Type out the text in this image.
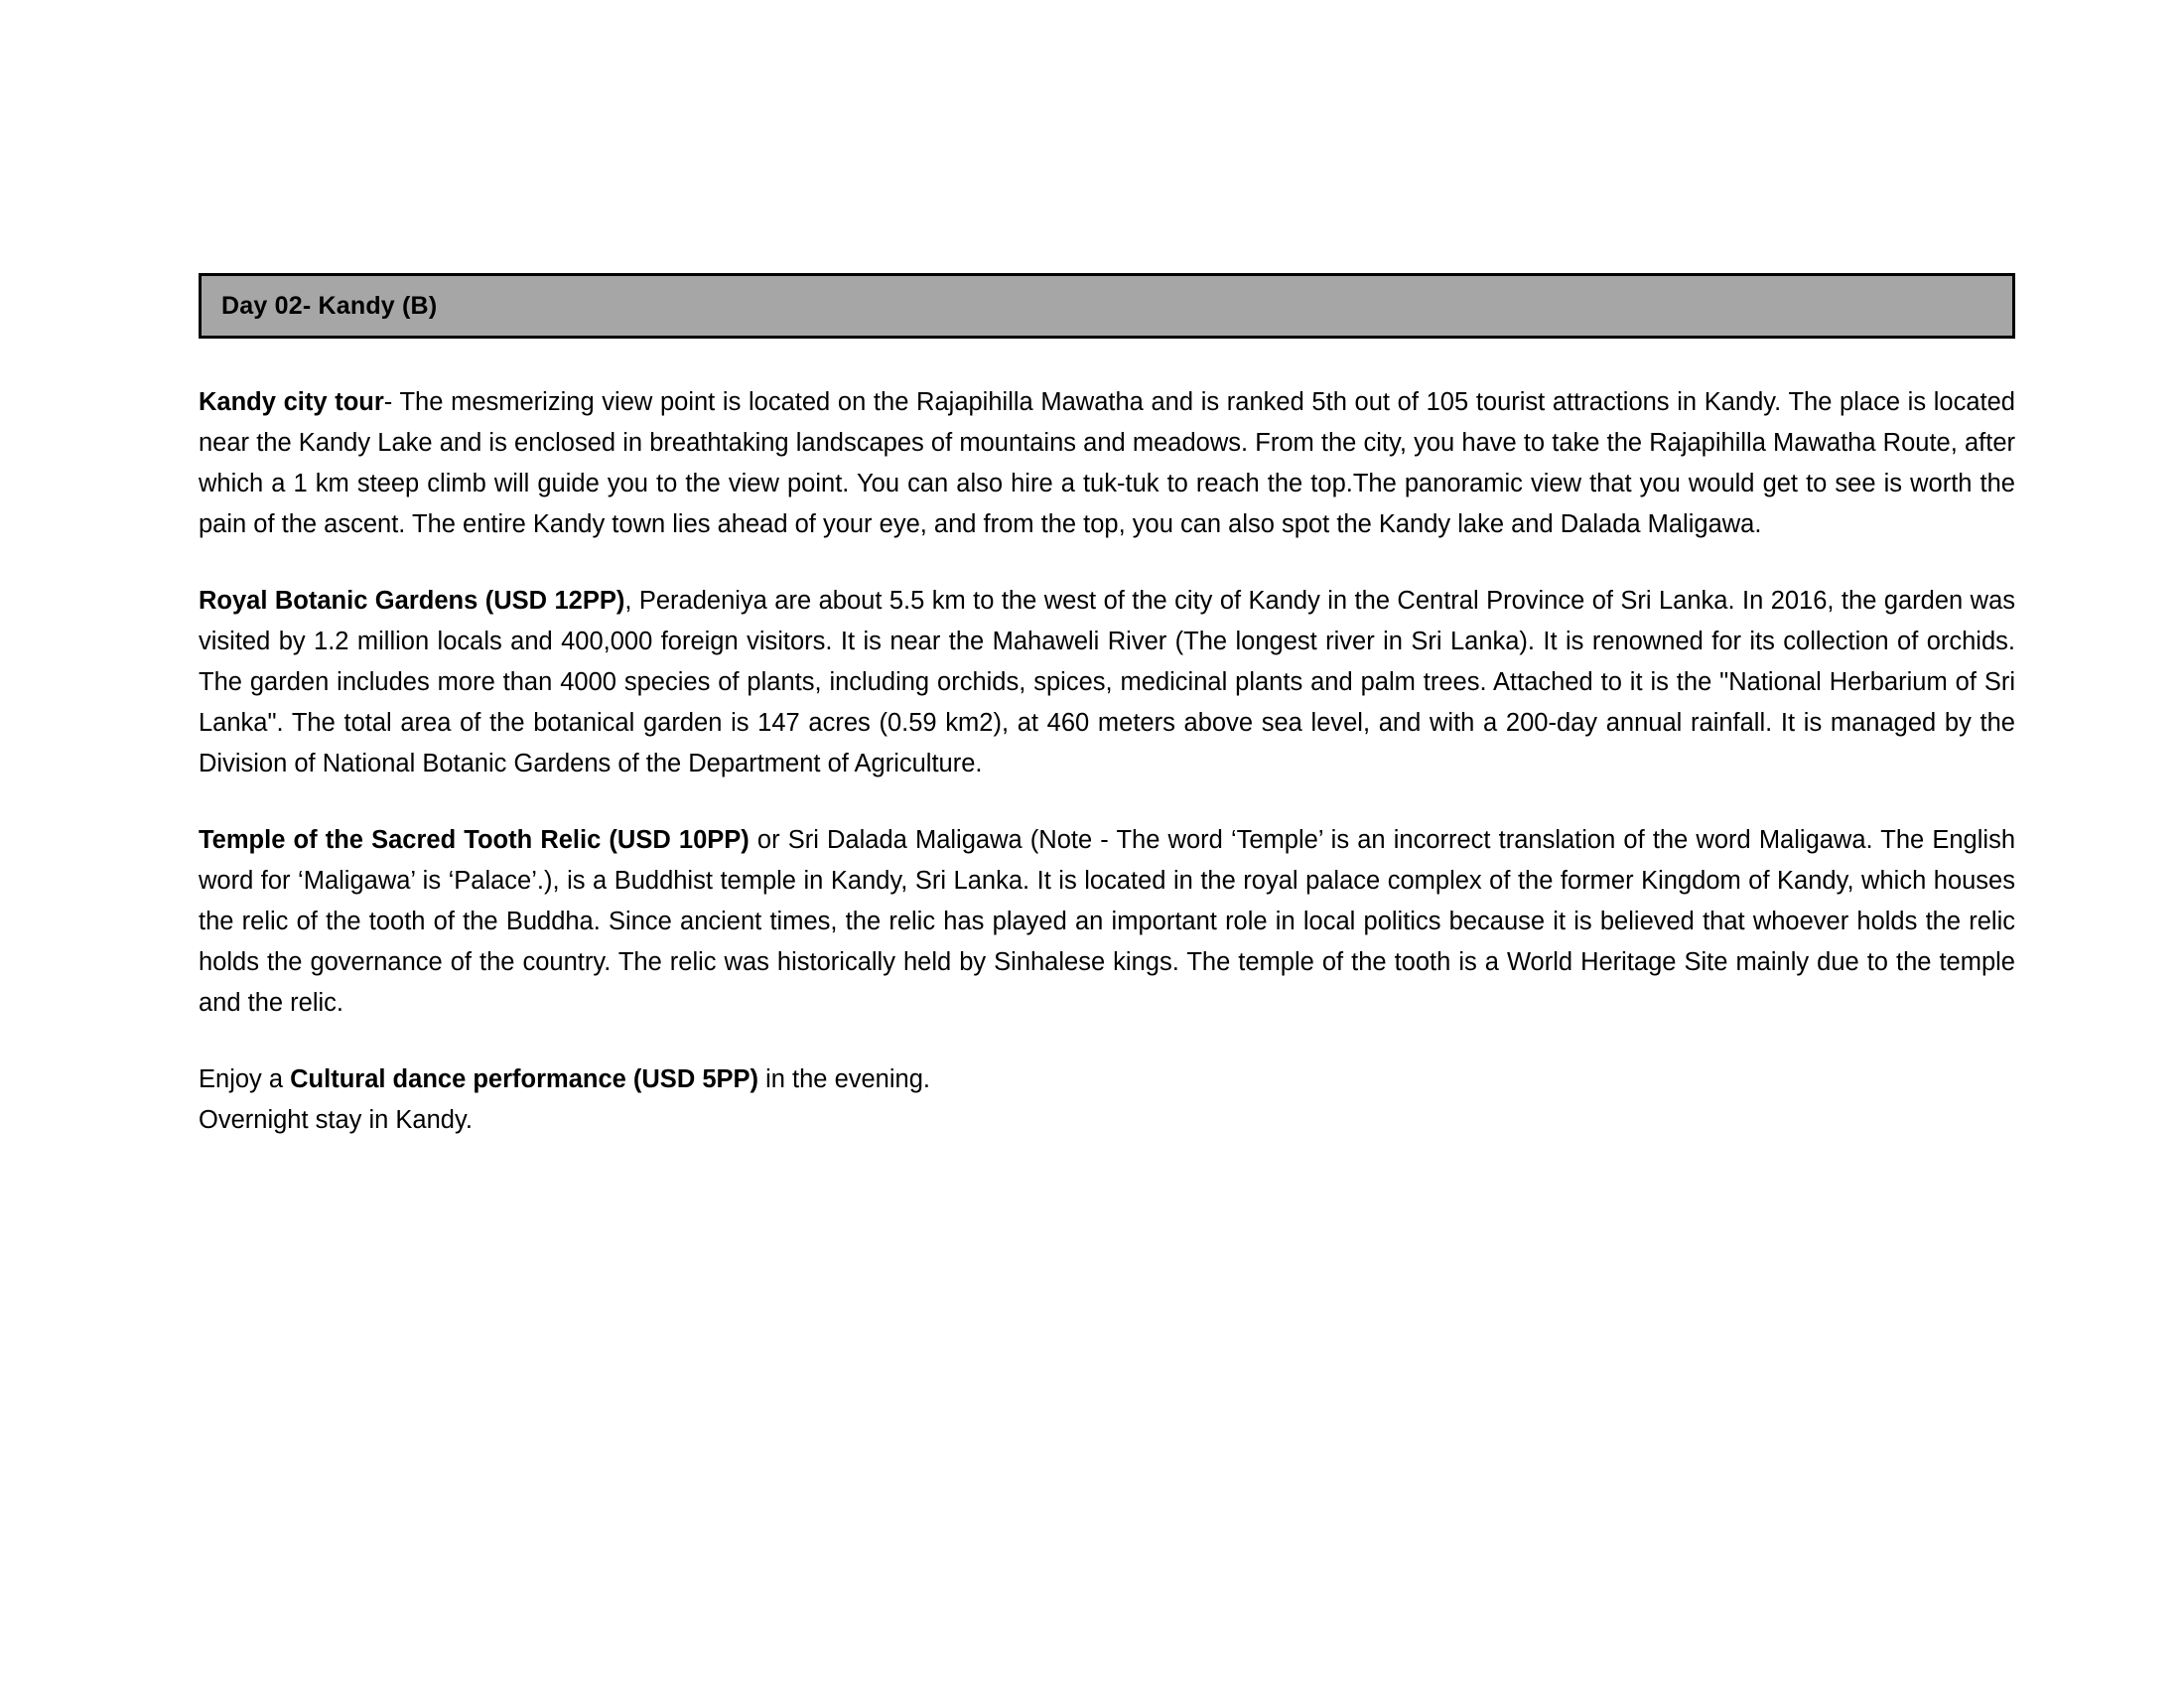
Day 02- Kandy (B)

Kandy city tour- The mesmerizing view point is located on the Rajapihilla Mawatha and is ranked 5th out of 105 tourist attractions in Kandy. The place is located near the Kandy Lake and is enclosed in breathtaking landscapes of mountains and meadows. From the city, you have to take the Rajapihilla Mawatha Route, after which a 1 km steep climb will guide you to the view point. You can also hire a tuk-tuk to reach the top.The panoramic view that you would get to see is worth the pain of the ascent. The entire Kandy town lies ahead of your eye, and from the top, you can also spot the Kandy lake and Dalada Maligawa.

Royal Botanic Gardens (USD 12PP), Peradeniya are about 5.5 km to the west of the city of Kandy in the Central Province of Sri Lanka. In 2016, the garden was visited by 1.2 million locals and 400,000 foreign visitors. It is near the Mahaweli River (The longest river in Sri Lanka). It is renowned for its collection of orchids. The garden includes more than 4000 species of plants, including orchids, spices, medicinal plants and palm trees. Attached to it is the "National Herbarium of Sri Lanka". The total area of the botanical garden is 147 acres (0.59 km2), at 460 meters above sea level, and with a 200-day annual rainfall. It is managed by the Division of National Botanic Gardens of the Department of Agriculture.

Temple of the Sacred Tooth Relic (USD 10PP) or Sri Dalada Maligawa (Note - The word ‘Temple’ is an incorrect translation of the word Maligawa. The English word for ‘Maligawa’ is ‘Palace’.), is a Buddhist temple in Kandy, Sri Lanka. It is located in the royal palace complex of the former Kingdom of Kandy, which houses the relic of the tooth of the Buddha. Since ancient times, the relic has played an important role in local politics because it is believed that whoever holds the relic holds the governance of the country. The relic was historically held by Sinhalese kings. The temple of the tooth is a World Heritage Site mainly due to the temple and the relic.

Enjoy a Cultural dance performance (USD 5PP) in the evening.

Overnight stay in Kandy.
